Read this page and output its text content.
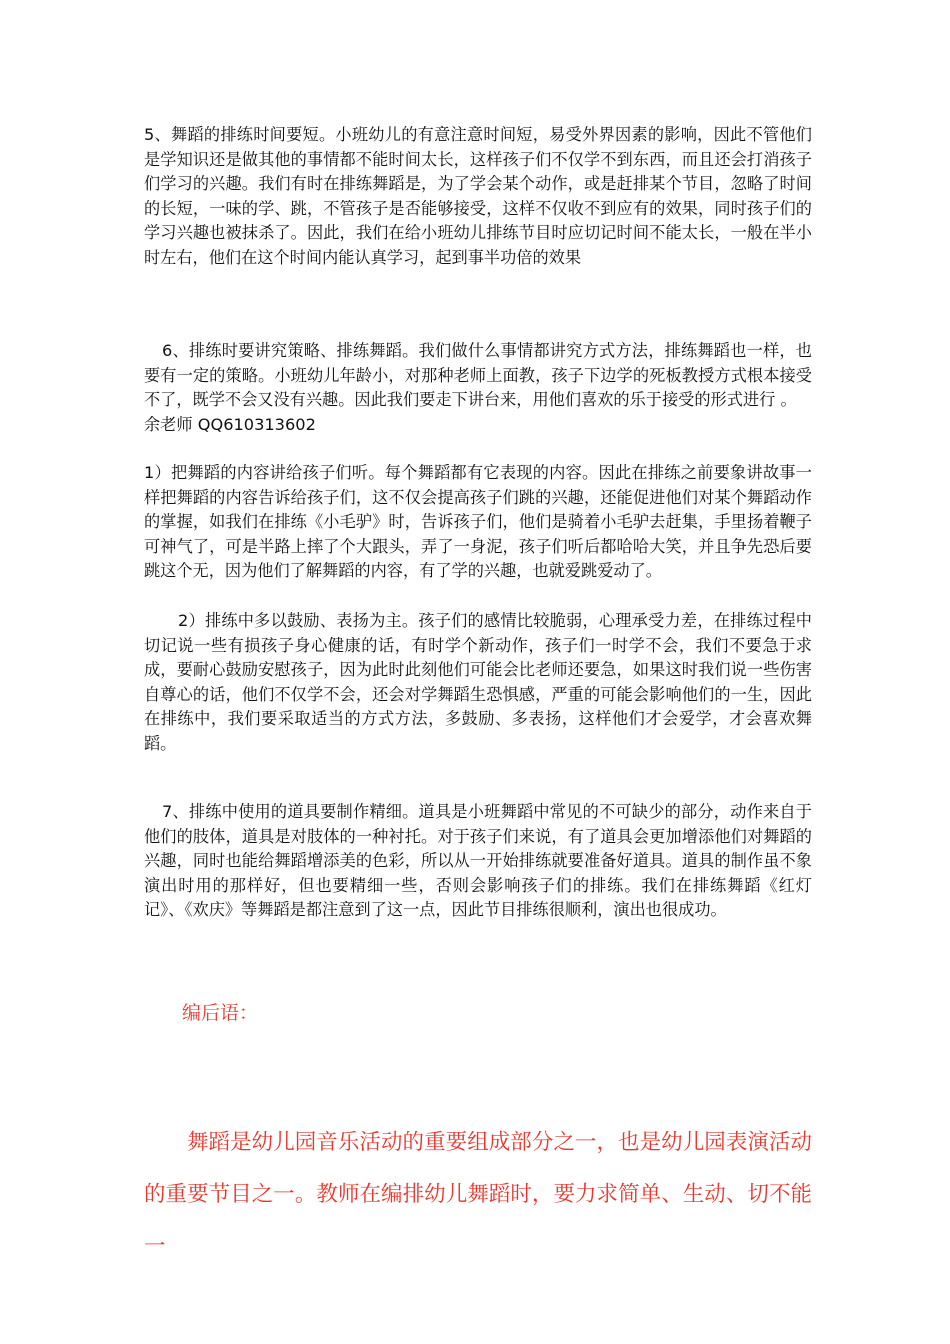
5、舞蹈的排练时间要短。小班幼儿的有意注意时间短，易受外界因素的影响，因此不管他们是学知识还是做其他的事情都不能时间太长，这样孩子们不仅学不到东西，而且还会打消孩子们学习的兴趣。我们有时在排练舞蹈是，为了学会某个动作，或是赶排某个节目，忽略了时间的长短，一味的学、跳，不管孩子是否能够接受，这样不仅收不到应有的效果，同时孩子们的学习兴趣也被抹杀了。因此，我们在给小班幼儿排练节目时应切记时间不能太长，一般在半小时左右，他们在这个时间内能认真学习，起到事半功倍的效果

6、排练时要讲究策略、排练舞蹈。我们做什么事情都讲究方式方法，排练舞蹈也一样，也要有一定的策略。小班幼儿年龄小，对那种老师上面教，孩子下边学的死板教授方式根本接受不了，既学不会又没有兴趣。因此我们要走下讲台来，用他们喜欢的乐于接受的形式进行 。

余老师 QQ610313602

1）把舞蹈的内容讲给孩子们听。每个舞蹈都有它表现的内容。因此在排练之前要象讲故事一样把舞蹈的内容告诉给孩子们，这不仅会提高孩子们跳的兴趣，还能促进他们对某个舞蹈动作的掌握，如我们在排练《小毛驴》时，告诉孩子们，他们是骑着小毛驴去赶集，手里扬着鞭子可神气了，可是半路上摔了个大跟头，弄了一身泥，孩子们听后都哈哈大笑，并且争先恐后要跳这个无，因为他们了解舞蹈的内容，有了学的兴趣，也就爱跳爱动了。

2）排练中多以鼓励、表扬为主。孩子们的感情比较脆弱，心理承受力差，在排练过程中切记说一些有损孩子身心健康的话，有时学个新动作，孩子们一时学不会，我们不要急于求成，要耐心鼓励安慰孩子，因为此时此刻他们可能会比老师还要急，如果这时我们说一些伤害自尊心的话，他们不仅学不会，还会对学舞蹈生恐惧感，严重的可能会影响他们的一生，因此在排练中，我们要采取适当的方式方法，多鼓励、多表扬，这样他们才会爱学，才会喜欢舞蹈。

7、排练中使用的道具要制作精细。道具是小班舞蹈中常见的不可缺少的部分，动作来自于他们的肢体，道具是对肢体的一种衬托。对于孩子们来说，有了道具会更加增添他们对舞蹈的兴趣，同时也能给舞蹈增添美的色彩，所以从一开始排练就要准备好道具。道具的制作虽不象演出时用的那样好，但也要精细一些，否则会影响孩子们的排练。我们在排练舞蹈《红灯记》、《欢庆》等舞蹈是都注意到了这一点，因此节目排练很顺利，演出也很成功。

编后语：

舞蹈是幼儿园音乐活动的重要组成部分之一，也是幼儿园表演活动的重要节目之一。教师在编排幼儿舞蹈时，要力求简单、生动、切不能一
